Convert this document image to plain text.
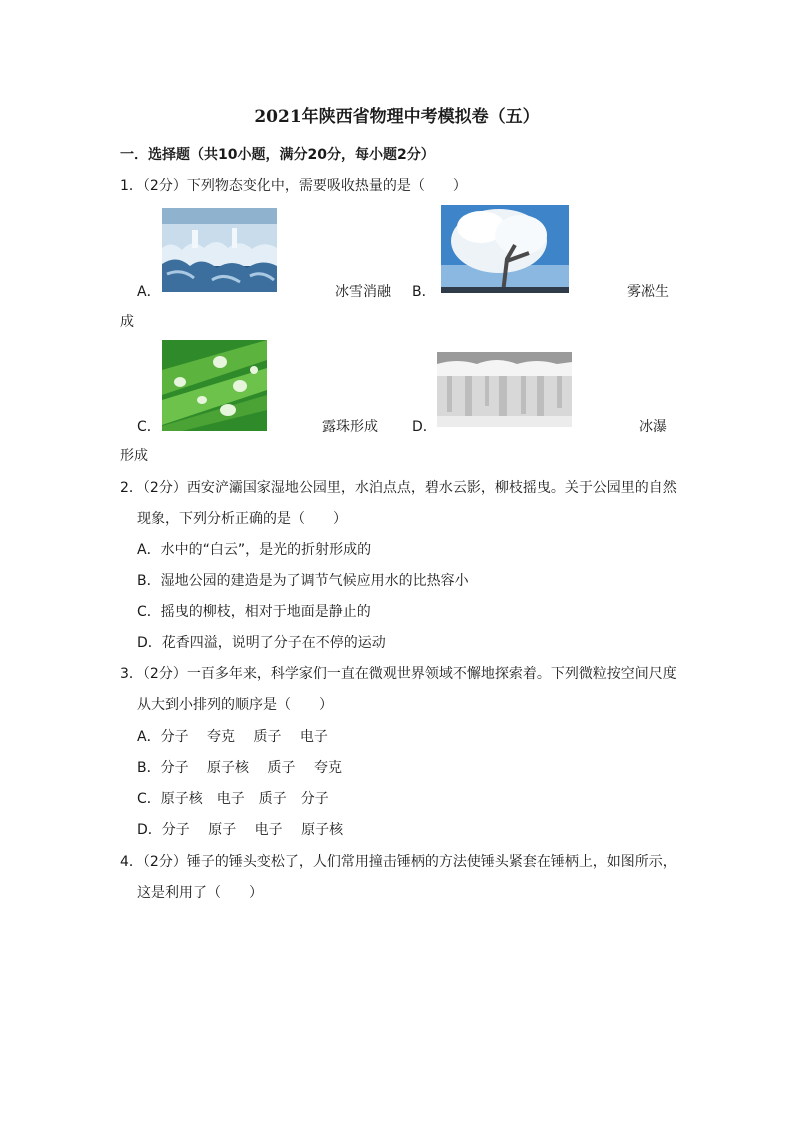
2021年陕西省物理中考模拟卷（五）
一．选择题（共10小题，满分20分，每小题2分）
1．（2分）下列物态变化中，需要吸收热量的是（　　）
A．	冰雪消融 B．	雾凇生
成
C．	露珠形成 D．	冰瀑
形成
2．（2分）西安浐灞国家湿地公园里，水泊点点，碧水云影，柳枝摇曳。关于公园里的自然
现象，下列分析正确的是（　　）
A．水中的“白云”，是光的折射形成的
B．湿地公园的建造是为了调节气候应用水的比热容小
C．摇曳的柳枝，相对于地面是静止的
D．花香四溢，说明了分子在不停的运动
3．（2分）一百多年来，科学家们一直在微观世界领域不懈地探索着。下列微粒按空间尺度
从大到小排列的顺序是（　　）
A．分子　 夸克　 质子　 电子
B．分子　 原子核　 质子　 夸克
C．原子核　电子　质子　分子
D．分子　 原子　 电子　 原子核
4．（2分）锤子的锤头变松了，人们常用撞击锤柄的方法使锤头紧套在锤柄上，如图所示，
这是利用了（　　）
